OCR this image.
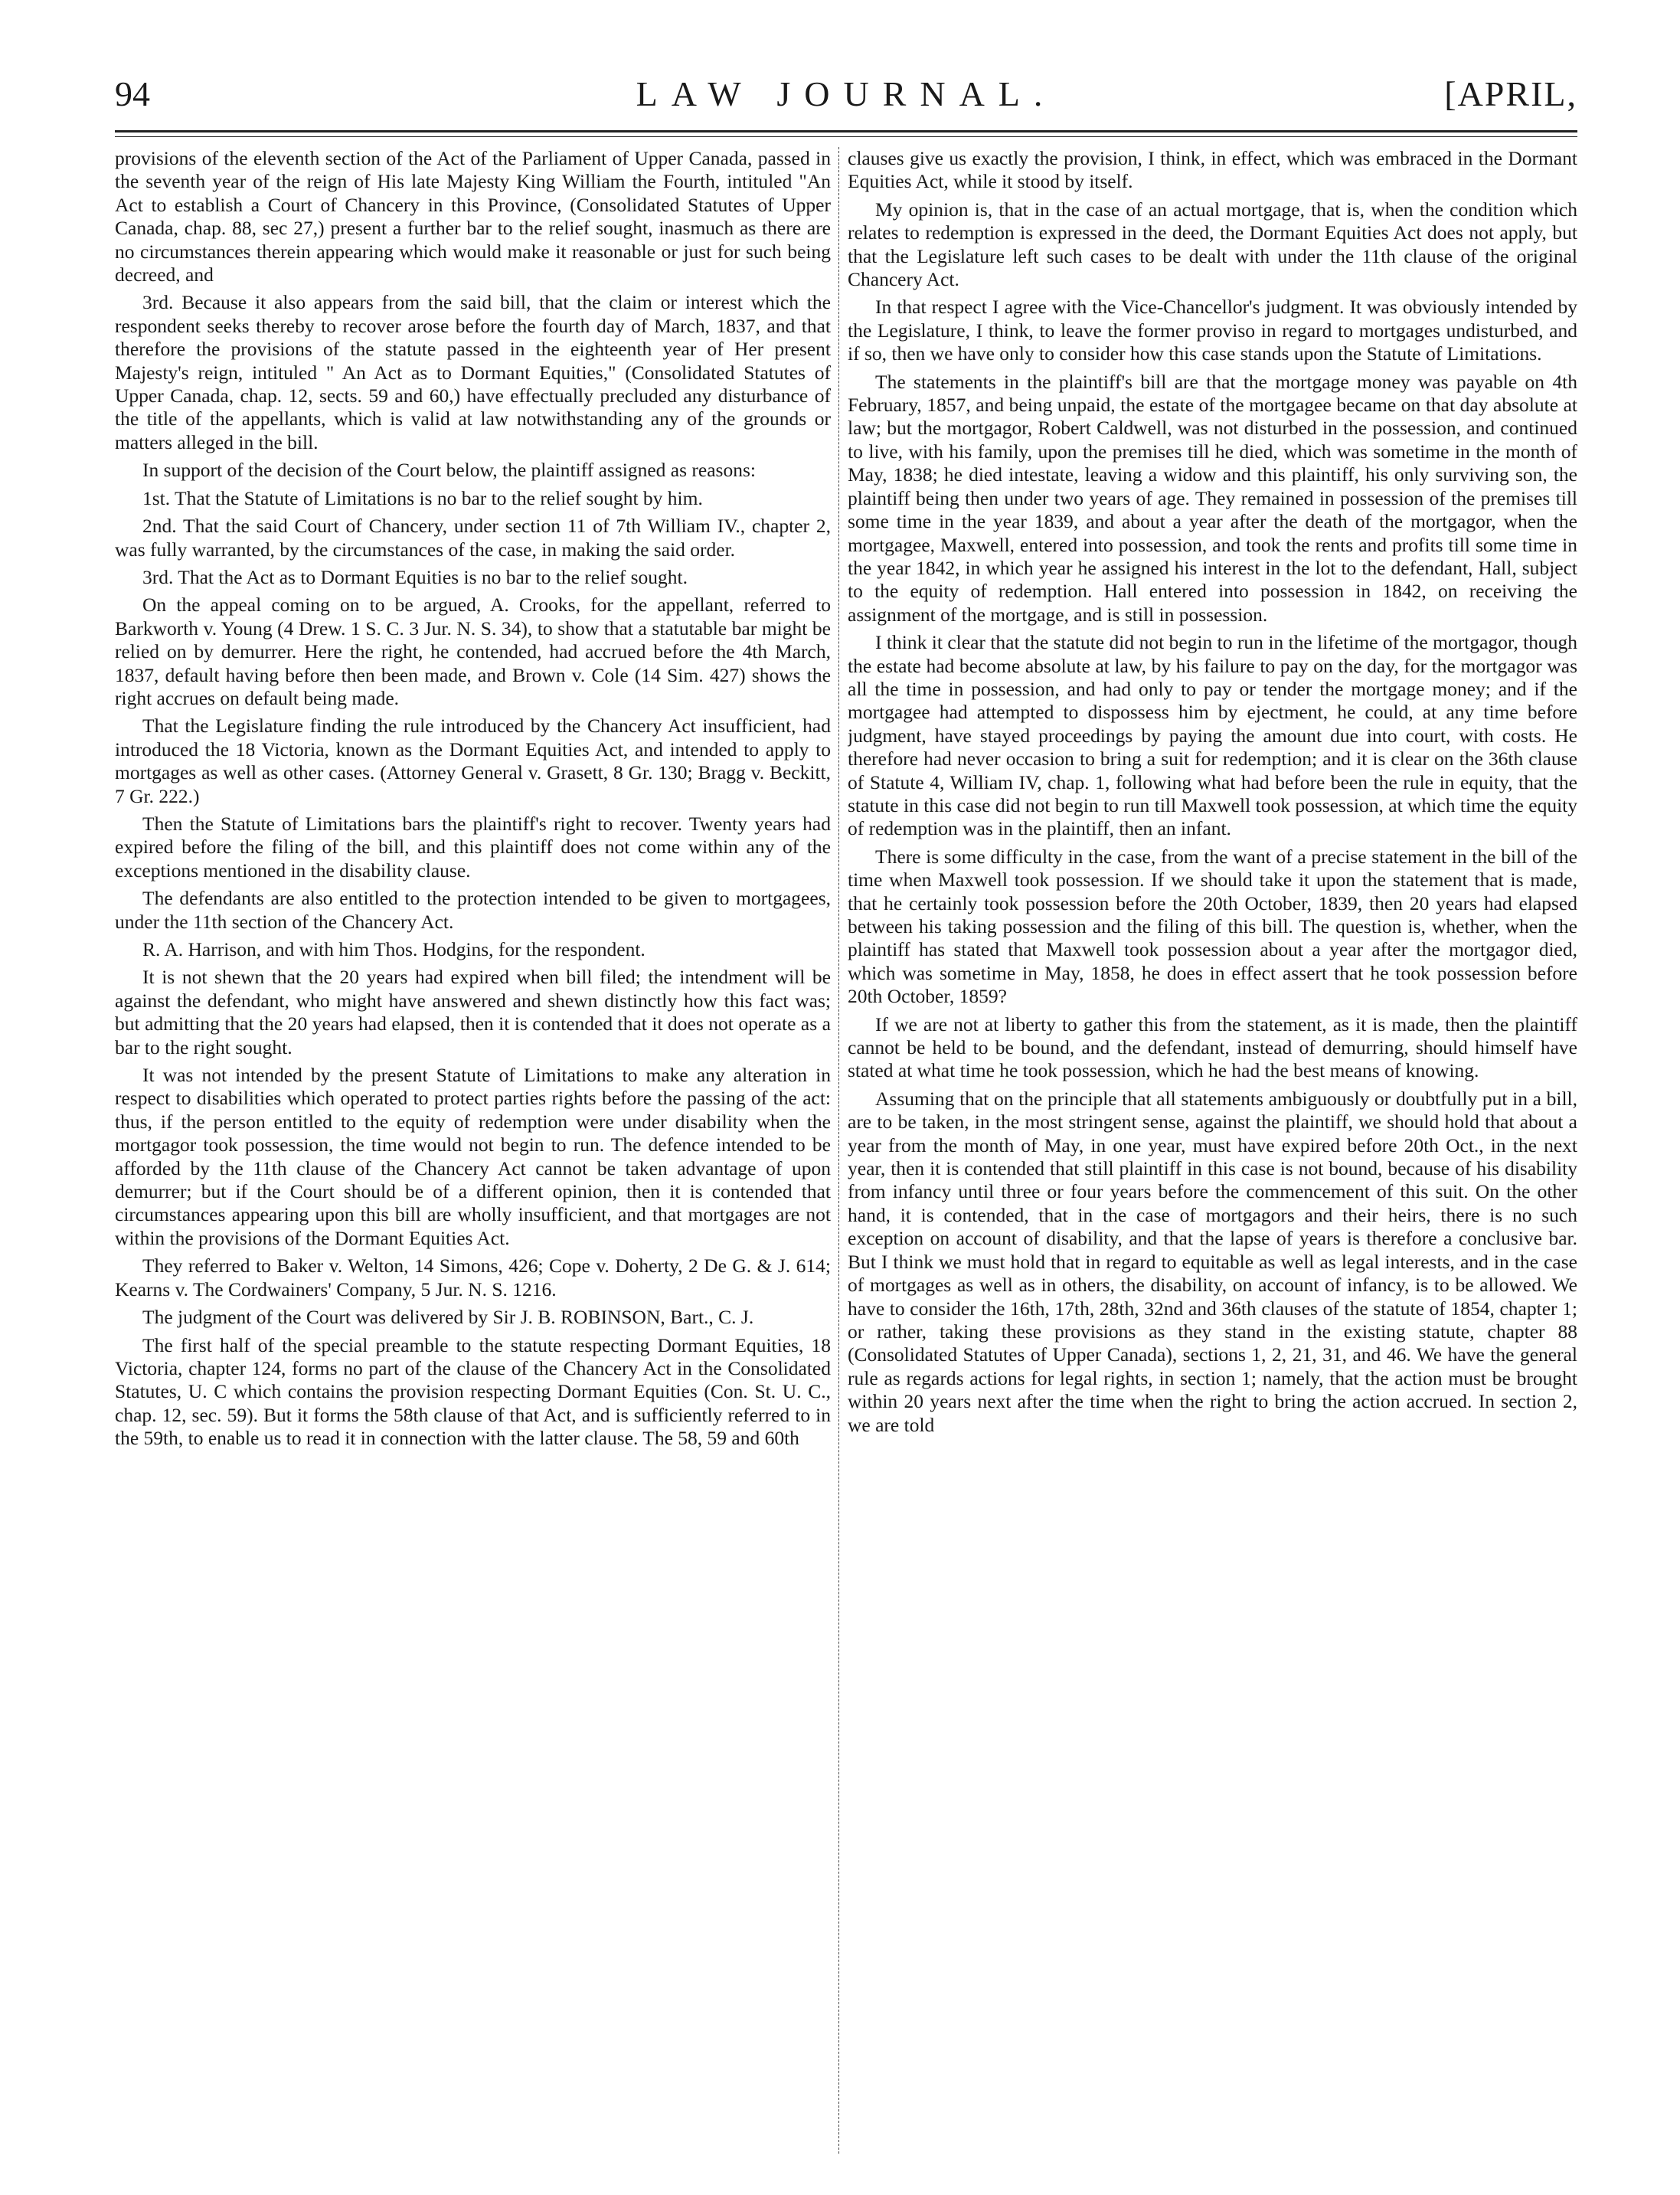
94	LAW JOURNAL.	[APRIL,

provisions of the eleventh section of the Act of the Parliament of Upper Canada, passed in the seventh year of the reign of His late Majesty King William the Fourth, intituled "An Act to establish a Court of Chancery in this Province, (Consolidated Statutes of Upper Canada, chap. 88, sec 27,) present a further bar to the relief sought, inasmuch as there are no circumstances therein appearing which would make it reasonable or just for such being decreed, and

3rd. Because it also appears from the said bill, that the claim or interest which the respondent seeks thereby to recover arose before the fourth day of March, 1837, and that therefore the provisions of the statute passed in the eighteenth year of Her present Majesty's reign, intituled " An Act as to Dormant Equities," (Consolidated Statutes of Upper Canada, chap. 12, sects. 59 and 60,) have effectually precluded any disturbance of the title of the appellants, which is valid at law notwithstanding any of the grounds or matters alleged in the bill.

In support of the decision of the Court below, the plaintiff assigned as reasons:

1st. That the Statute of Limitations is no bar to the relief sought by him.

2nd. That the said Court of Chancery, under section 11 of 7th William IV., chapter 2, was fully warranted, by the circumstances of the case, in making the said order.

3rd. That the Act as to Dormant Equities is no bar to the relief sought.

On the appeal coming on to be argued, A. Crooks, for the appellant, referred to Barkworth v. Young (4 Drew. 1 S. C. 3 Jur. N. S. 34), to show that a statutable bar might be relied on by demurrer. Here the right, he contended, had accrued before the 4th March, 1837, default having before then been made, and Brown v. Cole (14 Sim. 427) shows the right accrues on default being made.

That the Legislature finding the rule introduced by the Chancery Act insufficient, had introduced the 18 Victoria, known as the Dormant Equities Act, and intended to apply to mortgages as well as other cases. (Attorney General v. Grasett, 8 Gr. 130; Bragg v. Beckitt, 7 Gr. 222.)

Then the Statute of Limitations bars the plaintiff's right to recover. Twenty years had expired before the filing of the bill, and this plaintiff does not come within any of the exceptions mentioned in the disability clause.

The defendants are also entitled to the protection intended to be given to mortgagees, under the 11th section of the Chancery Act.

R. A. Harrison, and with him Thos. Hodgins, for the respondent.

It is not shewn that the 20 years had expired when bill filed; the intendment will be against the defendant, who might have answered and shewn distinctly how this fact was; but admitting that the 20 years had elapsed, then it is contended that it does not operate as a bar to the right sought.

It was not intended by the present Statute of Limitations to make any alteration in respect to disabilities which operated to protect parties rights before the passing of the act: thus, if the person entitled to the equity of redemption were under disability when the mortgagor took possession, the time would not begin to run. The defence intended to be afforded by the 11th clause of the Chancery Act cannot be taken advantage of upon demurrer; but if the Court should be of a different opinion, then it is contended that circumstances appearing upon this bill are wholly insufficient, and that mortgages are not within the provisions of the Dormant Equities Act.

They referred to Baker v. Welton, 14 Simons, 426; Cope v. Doherty, 2 De G. & J. 614; Kearns v. The Cordwainers' Company, 5 Jur. N. S. 1216.

The judgment of the Court was delivered by Sir J. B. ROBINSON, Bart., C. J.

The first half of the special preamble to the statute respecting Dormant Equities, 18 Victoria, chapter 124, forms no part of the clause of the Chancery Act in the Consolidated Statutes, U. C which contains the provision respecting Dormant Equities (Con. St. U. C., chap. 12, sec. 59). But it forms the 58th clause of that Act, and is sufficiently referred to in the 59th, to enable us to read it in connection with the latter clause. The 58, 59 and 60th

clauses give us exactly the provision, I think, in effect, which was embraced in the Dormant Equities Act, while it stood by itself.

My opinion is, that in the case of an actual mortgage, that is, when the condition which relates to redemption is expressed in the deed, the Dormant Equities Act does not apply, but that the Legislature left such cases to be dealt with under the 11th clause of the original Chancery Act.

In that respect I agree with the Vice-Chancellor's judgment. It was obviously intended by the Legislature, I think, to leave the former proviso in regard to mortgages undisturbed, and if so, then we have only to consider how this case stands upon the Statute of Limitations.

The statements in the plaintiff's bill are that the mortgage money was payable on 4th February, 1857, and being unpaid, the estate of the mortgagee became on that day absolute at law; but the mortgagor, Robert Caldwell, was not disturbed in the possession, and continued to live, with his family, upon the premises till he died, which was sometime in the month of May, 1838; he died intestate, leaving a widow and this plaintiff, his only surviving son, the plaintiff being then under two years of age. They remained in possession of the premises till some time in the year 1839, and about a year after the death of the mortgagor, when the mortgagee, Maxwell, entered into possession, and took the rents and profits till some time in the year 1842, in which year he assigned his interest in the lot to the defendant, Hall, subject to the equity of redemption. Hall entered into possession in 1842, on receiving the assignment of the mortgage, and is still in possession.

I think it clear that the statute did not begin to run in the lifetime of the mortgagor, though the estate had become absolute at law, by his failure to pay on the day, for the mortgagor was all the time in possession, and had only to pay or tender the mortgage money; and if the mortgagee had attempted to dispossess him by ejectment, he could, at any time before judgment, have stayed proceedings by paying the amount due into court, with costs. He therefore had never occasion to bring a suit for redemption; and it is clear on the 36th clause of Statute 4, William IV, chap. 1, following what had before been the rule in equity, that the statute in this case did not begin to run till Maxwell took possession, at which time the equity of redemption was in the plaintiff, then an infant.

There is some difficulty in the case, from the want of a precise statement in the bill of the time when Maxwell took possession. If we should take it upon the statement that is made, that he certainly took possession before the 20th October, 1839, then 20 years had elapsed between his taking possession and the filing of this bill. The question is, whether, when the plaintiff has stated that Maxwell took possession about a year after the mortgagor died, which was sometime in May, 1858, he does in effect assert that he took possession before 20th October, 1859?

If we are not at liberty to gather this from the statement, as it is made, then the plaintiff cannot be held to be bound, and the defendant, instead of demurring, should himself have stated at what time he took possession, which he had the best means of knowing.

Assuming that on the principle that all statements ambiguously or doubtfully put in a bill, are to be taken, in the most stringent sense, against the plaintiff, we should hold that about a year from the month of May, in one year, must have expired before 20th Oct., in the next year, then it is contended that still plaintiff in this case is not bound, because of his disability from infancy until three or four years before the commencement of this suit. On the other hand, it is contended, that in the case of mortgagors and their heirs, there is no such exception on account of disability, and that the lapse of years is therefore a conclusive bar. But I think we must hold that in regard to equitable as well as legal interests, and in the case of mortgages as well as in others, the disability, on account of infancy, is to be allowed. We have to consider the 16th, 17th, 28th, 32nd and 36th clauses of the statute of 1854, chapter 1; or rather, taking these provisions as they stand in the existing statute, chapter 88 (Consolidated Statutes of Upper Canada), sections 1, 2, 21, 31, and 46. We have the general rule as regards actions for legal rights, in section 1; namely, that the action must be brought within 20 years next after the time when the right to bring the action accrued. In section 2, we are told
